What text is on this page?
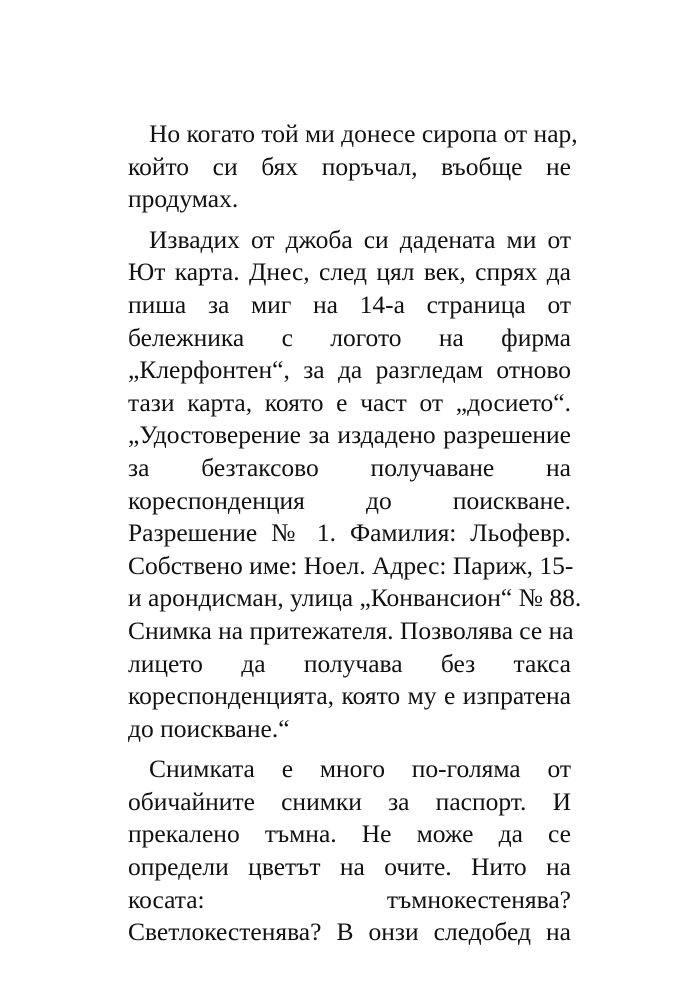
Но когато той ми донесе сиропа от нар,
който си бях поръчал, въобще не
продумах.
Извадих от джоба си дадената ми от
Ют карта. Днес, след цял век, спрях да
пиша за миг на 14-а страница от
бележника с логото на фирма
„Клерфонтен“, за да разгледам отново
тази карта, която е част от „досието“.
„Удостоверение за издадено разрешение
за безтаксово получаване на
кореспонденция до поискване.
Разрешение № 1. Фамилия: Льофевр.
Собствено име: Ноел. Адрес: Париж, 15-
и арондисман, улица „Конвансион“ № 88.
Снимка на притежателя. Позволява се на
лицето да получава без такса
кореспонденцията, която му е изпратена
до поискване.“
Снимката е много по-голяма от
обичайните снимки за паспорт. И
прекалено тъмна. Не може да се
определи цветът на очите. Нито на
косата: тъмнокестенява?
Светлокестенява? В онзи следобед на
